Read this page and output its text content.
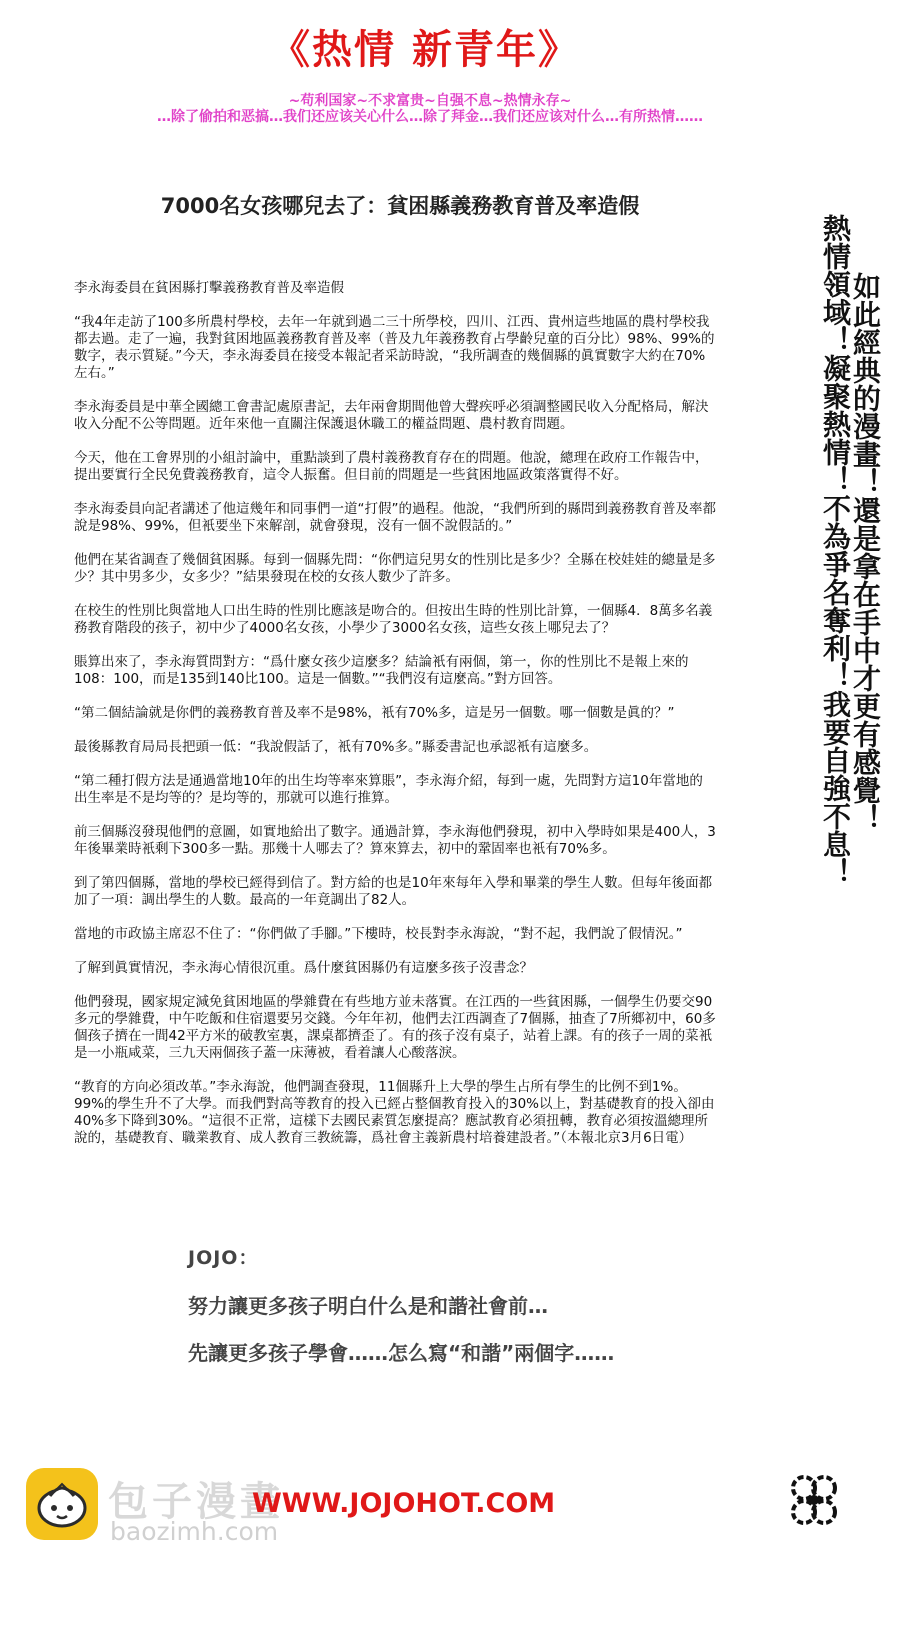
《热情 新青年》
~苟利国家~不求富贵~自强不息~热情永存~
…除了偷拍和恶搞…我们还应该关心什么…除了拜金…我们还应该对什么…有所热情……
7000名女孩哪兒去了：貧困縣義務教育普及率造假

李永海委員在貧困縣打擊義務教育普及率造假

“我4年走訪了100多所農村學校，去年一年就到過二三十所學校，四川、江西、貴州這些地區的農村學校我都去過。走了一遍，我對貧困地區義務教育普及率（普及九年義務教育占學齡兒童的百分比）98%、99%的數字，表示質疑。”今天，李永海委員在接受本報記者采訪時說，“我所調查的幾個縣的眞實數字大約在70%左右。”

李永海委員是中華全國總工會書記處原書記，去年兩會期間他曾大聲疾呼必須調整國民收入分配格局，解決收入分配不公等問題。近年來他一直關注保護退休職工的權益問題、農村教育問題。

今天，他在工會界別的小組討論中，重點談到了農村義務教育存在的問題。他說，總理在政府工作報告中，提出要實行全民免費義務教育，這令人振奮。但目前的問題是一些貧困地區政策落實得不好。

李永海委員向記者講述了他這幾年和同事們一道“打假”的過程。他說，“我們所到的縣問到義務教育普及率都說是98%、99%，但衹要坐下來解剖，就會發現，沒有一個不說假話的。”

他們在某省調查了幾個貧困縣。每到一個縣先問：“你們這兒男女的性別比是多少？全縣在校娃娃的總量是多少？其中男多少，女多少？”結果發現在校的女孩人數少了許多。

在校生的性別比與當地人口出生時的性別比應該是吻合的。但按出生時的性別比計算，一個縣4．8萬多名義務教育階段的孩子，初中少了4000名女孩，小學少了3000名女孩，這些女孩上哪兒去了？

賬算出來了，李永海質問對方：“爲什麼女孩少這麼多？結論衹有兩個，第一，你的性別比不是報上來的108：100，而是135到140比100。這是一個數。”“我們沒有這麼高。”對方回答。

“第二個結論就是你們的義務教育普及率不是98%，衹有70%多，這是另一個數。哪一個數是眞的？”

最後縣教育局局長把頭一低：“我說假話了，衹有70%多。”縣委書記也承認衹有這麼多。

“第二種打假方法是通過當地10年的出生均等率來算賬”，李永海介紹，每到一處，先問對方這10年當地的出生率是不是均等的？是均等的，那就可以進行推算。

前三個縣沒發現他們的意圖，如實地給出了數字。通過計算，李永海他們發現，初中入學時如果是400人，3年後畢業時衹剩下300多一點。那幾十人哪去了？算來算去，初中的鞏固率也衹有70%多。

到了第四個縣，當地的學校已經得到信了。對方給的也是10年來每年入學和畢業的學生人數。但每年後面都加了一項：調出學生的人數。最高的一年竟調出了82人。

當地的市政協主席忍不住了：“你們做了手腳。”下樓時，校長對李永海說，“對不起，我們說了假情況。”

了解到眞實情況，李永海心情很沉重。爲什麼貧困縣仍有這麼多孩子沒書念？

他們發現，國家規定減免貧困地區的學雜費在有些地方並未落實。在江西的一些貧困縣，一個學生仍要交90多元的學雜費，中午吃飯和住宿還要另交錢。今年年初，他們去江西調查了7個縣，抽查了7所鄉初中，60多個孩子擠在一間42平方米的破教室裏，課桌都擠歪了。有的孩子沒有桌子，站着上課。有的孩子一周的菜衹是一小瓶咸菜，三九天兩個孩子蓋一床薄被，看着讓人心酸落淚。

“教育的方向必須改革。”李永海說，他們調查發現，11個縣升上大學的學生占所有學生的比例不到1%。99%的學生升不了大學。而我們對高等教育的投入已經占整個教育投入的30%以上，對基礎教育的投入卻由40%多下降到30%。“這很不正常，這樣下去國民素質怎麼提高？應試教育必須扭轉，教育必須按溫總理所說的，基礎教育、職業教育、成人教育三教統籌，爲社會主義新農村培養建設者。”（本報北京3月6日電）

熱情領域！凝聚熱情！不為爭名奪利！我要自強不息！
如此經典的漫畫！還是拿在手中才更有感覺！
JOJO：
努力讓更多孩子明白什么是和諧社會前…
先讓更多孩子學會……怎么寫“和諧”兩個字……
包子漫畫
baozimh.com
WWW.JOJOHOT.COM
